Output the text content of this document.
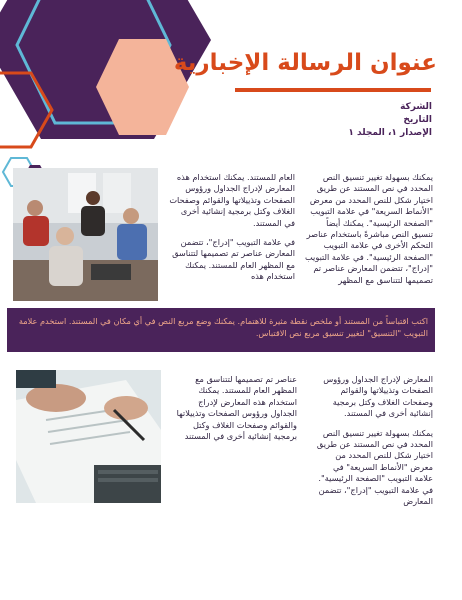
عنوان الرسالة الإخبارية
الشركة
التاريخ
الإصدار ١، المجلد ١

يمكنك بسهولة تغيير تنسيق النص المحدد في نص المستند عن طريق اختيار شكل للنص المحدد من معرض "الأنماط السريعة" في علامة التبويب "الصفحة الرئيسية". يمكنك أيضاً تنسيق النص مباشرةً باستخدام عناصر التحكم الأخرى في علامة التبويب "الصفحة الرئيسية". في علامة التبويب "إدراج"، تتضمن المعارض عناصر تم تصميمها لتتناسق مع المظهر

العام للمستند. يمكنك استخدام هذه المعارض لإدراج الجداول ورؤوس الصفحات وتذييلاتها والقوائم وصفحات الغلاف وكتل برمجية إنشائية أخرى في المستند.

في علامة التبويب "إدراج"، تتضمن المعارض عناصر تم تصميمها لتتناسق مع المظهر العام للمستند. يمكنك استخدام هذه

اكتب اقتباساً من المستند أو ملخص نقطة مثيرة للاهتمام. يمكنك وضع مربع النص في أي مكان في المستند. استخدم علامة التبويب "التنسيق" لتغيير تنسيق مربع نص الاقتباس.

المعارض لإدراج الجداول ورؤوس الصفحات وتذييلاتها والقوائم وصفحات الغلاف وكتل برمجية إنشائية أخرى في المستند.

يمكنك بسهولة تغيير تنسيق النص المحدد في نص المستند عن طريق اختيار شكل للنص المحدد من معرض "الأنماط السريعة" في علامة التبويب "الصفحة الرئيسية". في علامة التبويب "إدراج"، تتضمن المعارض

عناصر تم تصميمها لتتناسق مع المظهر العام للمستند. يمكنك استخدام هذه المعارض لإدراج الجداول ورؤوس الصفحات وتذييلاتها والقوائم وصفحات الغلاف وكتل برمجية إنشائية أخرى في المستند
